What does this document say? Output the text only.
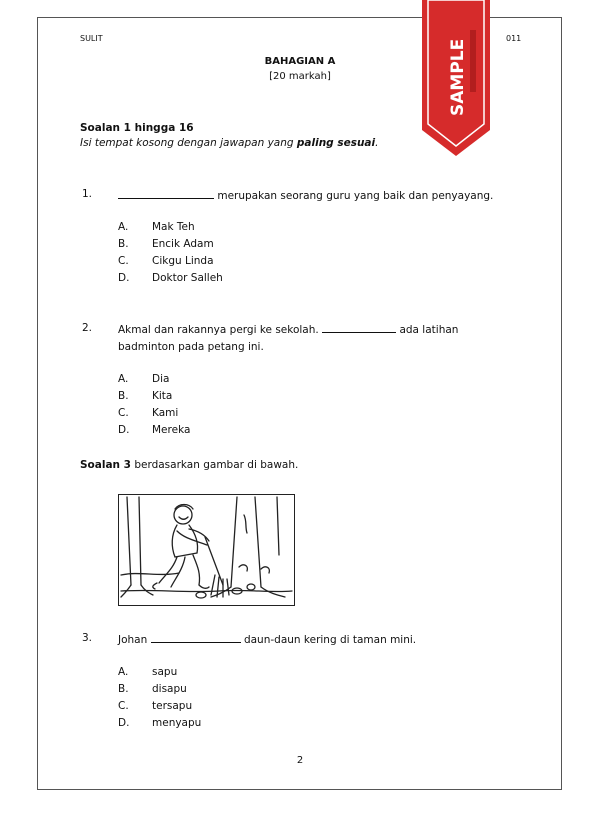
SULIT	011
SAMPLE
BAHAGIAN A
[20 markah]
Soalan 1 hingga 16
Isi tempat kosong dengan jawapan yang paling sesuai.
1.	merupakan seorang guru yang baik dan penyayang.
A. Mak Teh
B. Encik Adam
C. Cikgu Linda
D. Doktor Salleh
2. Akmal dan rakannya pergi ke sekolah.	ada latihan
badminton pada petang ini.
A. Dia
B. Kita
C. Kami
D. Mereka
Soalan 3 berdasarkan gambar di bawah.
3. Johan	daun-daun kering di taman mini.
A. sapu
B. disapu
C. tersapu
D. menyapu
2
